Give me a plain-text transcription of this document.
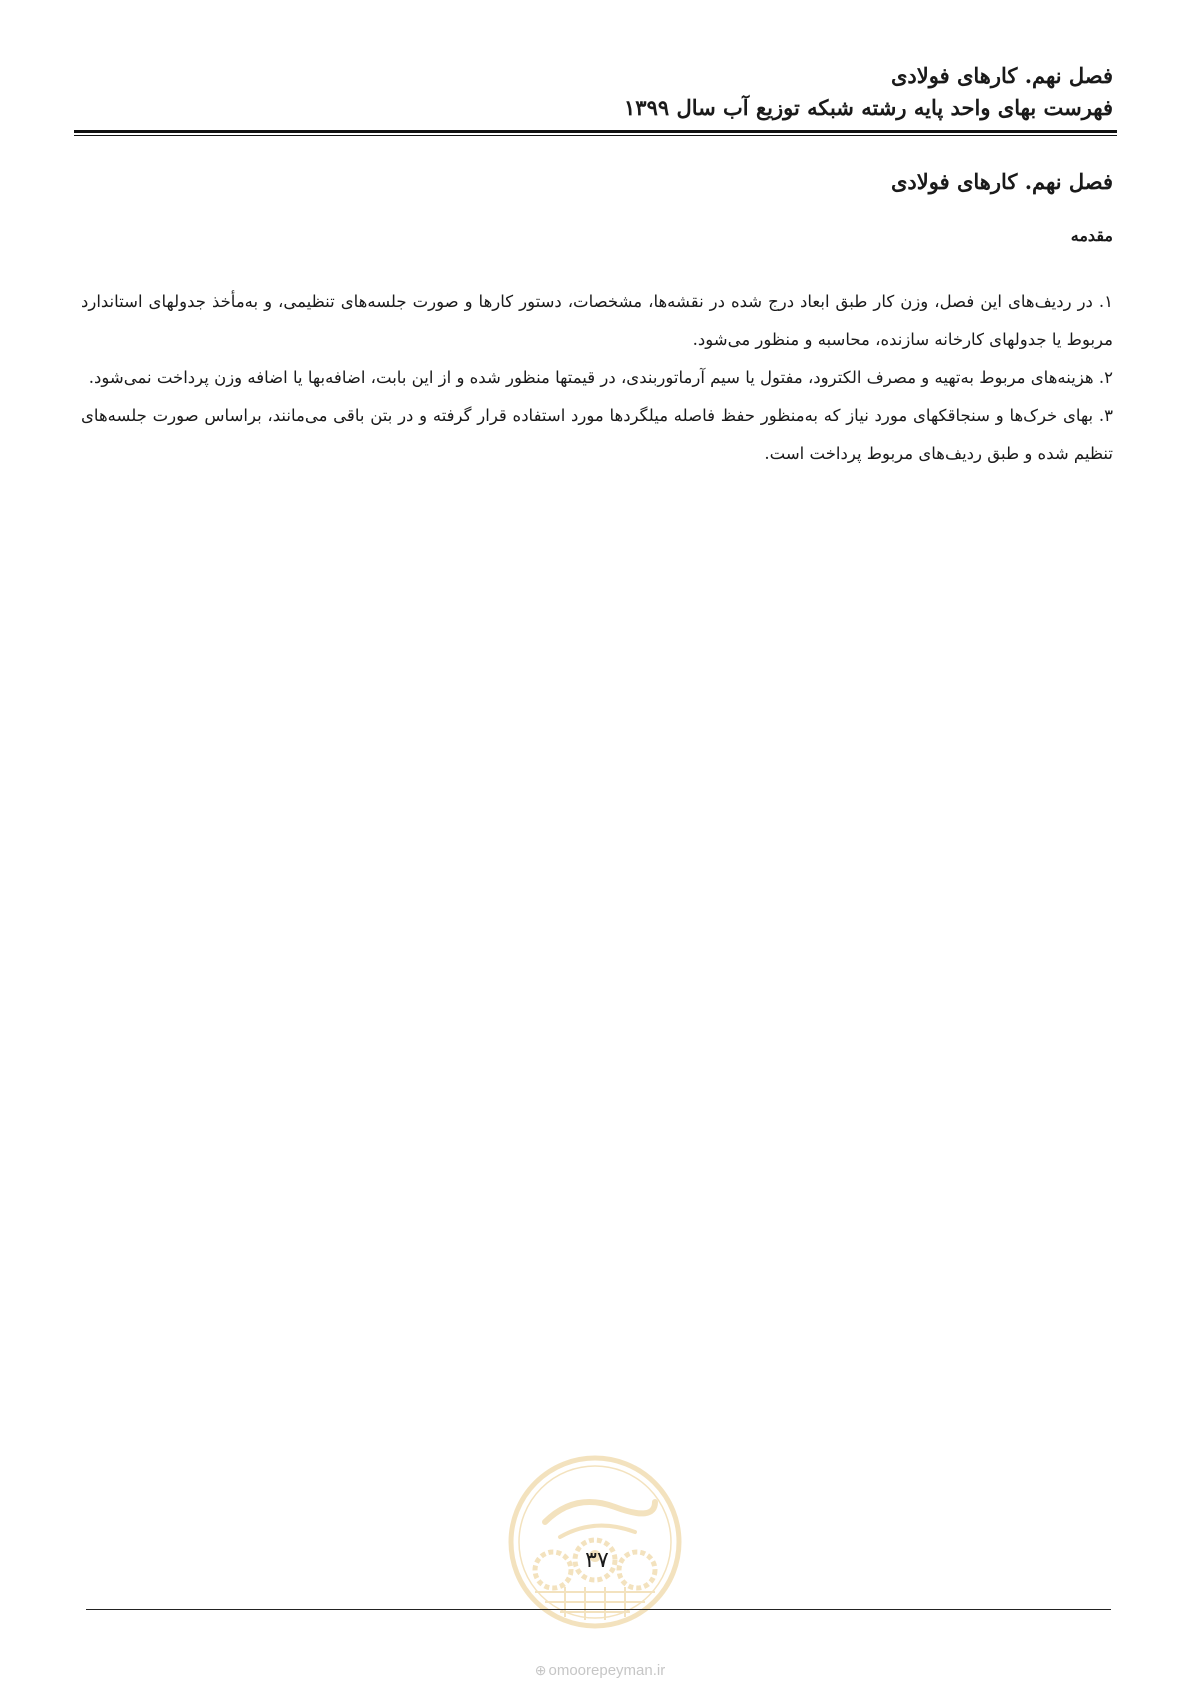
فصل نهم. کارهای فولادی
فهرست بهای واحد پایه رشته شبکه توزیع آب سال ۱۳۹۹
فصل نهم. کارهای فولادی
مقدمه

۱. در ردیف‌های این فصل، وزن کار طبق ابعاد درج شده در نقشه‌ها، مشخصات، دستور کارها و صورت جلسه‌های تنظیمی، و به‌مأخذ جدولهای استاندارد مربوط یا جدولهای کارخانه سازنده، محاسبه و منظور می‌شود.

۲. هزینه‌های مربوط به‌تهیه و مصرف الکترود، مفتول یا سیم آرماتوربندی، در قیمتها منظور شده و از این بابت، اضافه‌بها یا اضافه وزن پرداخت نمی‌شود.

۳. بهای خرک‌ها و سنجاقکهای مورد نیاز که به‌منظور حفظ فاصله میلگردها مورد استفاده قرار گرفته و در بتن باقی می‌مانند، براساس صورت جلسه‌های تنظیم شده و طبق ردیف‌های مربوط پرداخت است.

۳۷
⊕ omoorepeyman.ir
